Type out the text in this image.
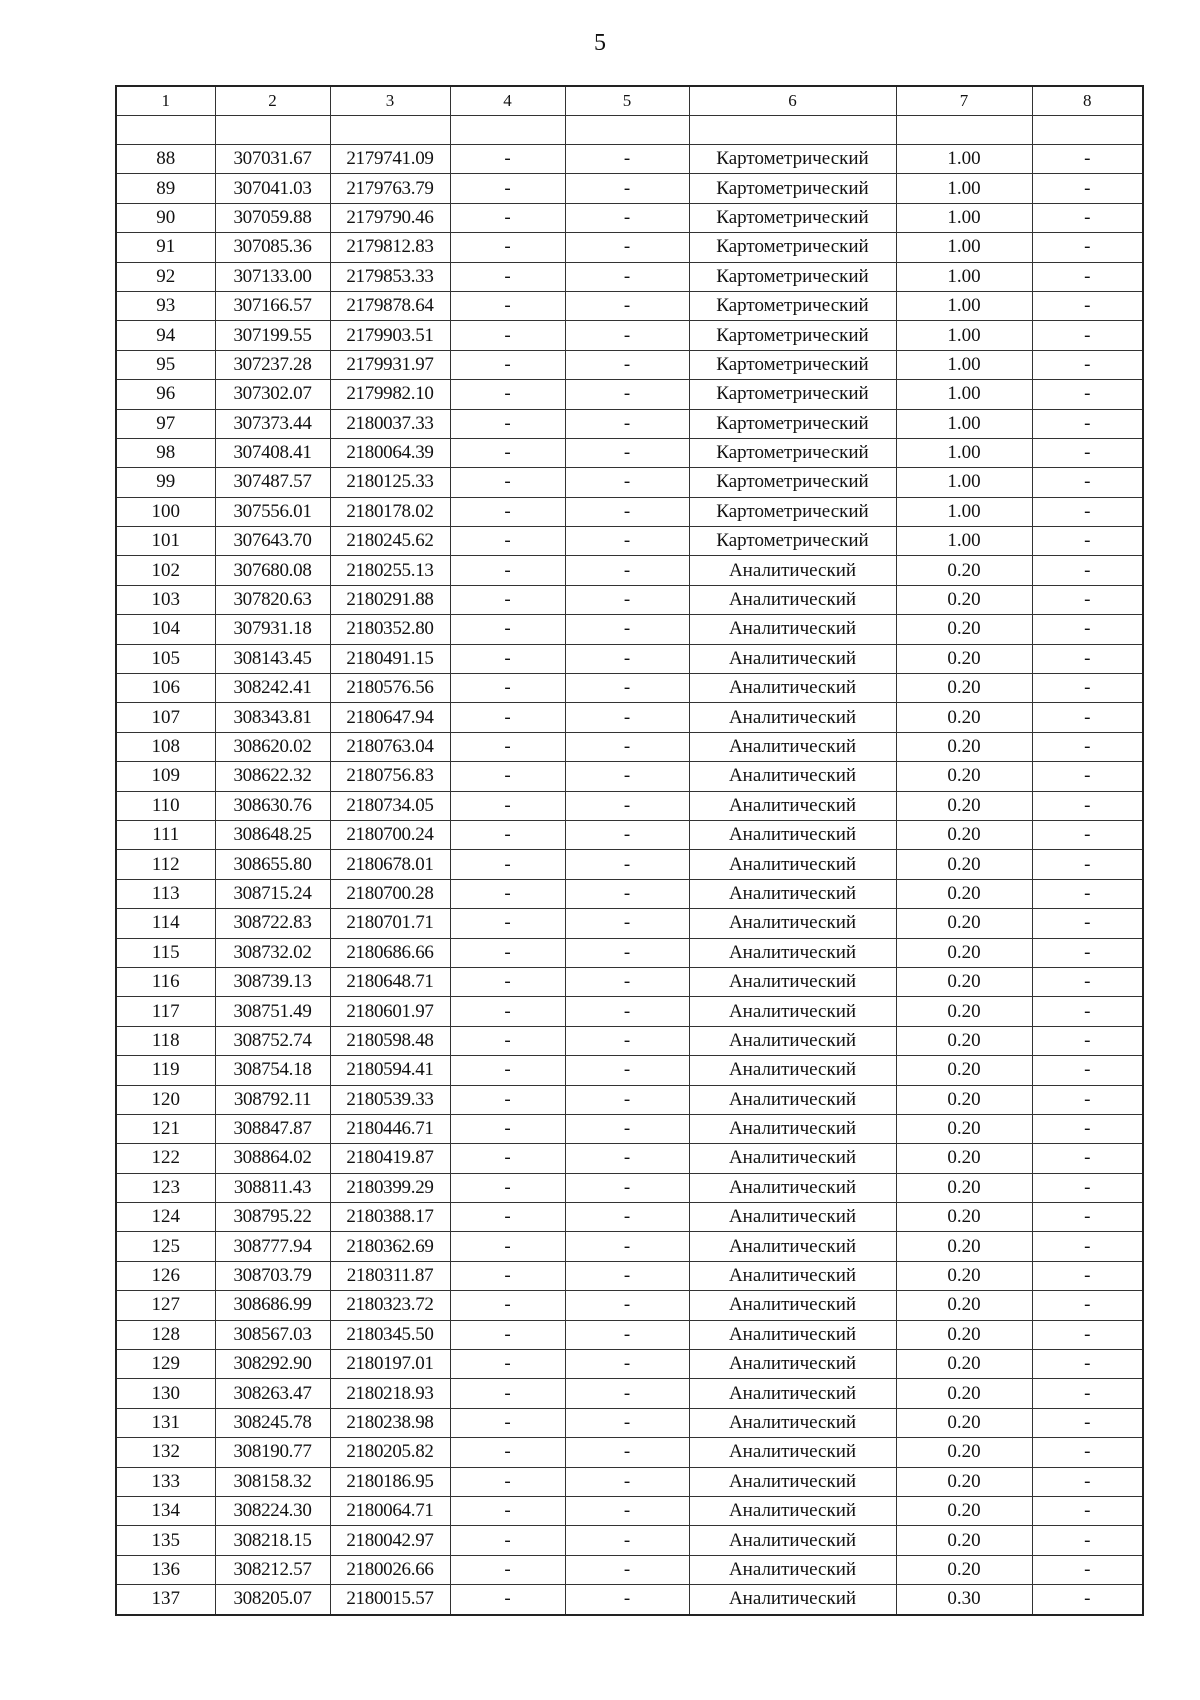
5
1	2	3	4	5	6	7	8

88	307031.67	2179741.09	-	-	Картометрический	1.00	-
89	307041.03	2179763.79	-	-	Картометрический	1.00	-
90	307059.88	2179790.46	-	-	Картометрический	1.00	-
91	307085.36	2179812.83	-	-	Картометрический	1.00	-
92	307133.00	2179853.33	-	-	Картометрический	1.00	-
93	307166.57	2179878.64	-	-	Картометрический	1.00	-
94	307199.55	2179903.51	-	-	Картометрический	1.00	-
95	307237.28	2179931.97	-	-	Картометрический	1.00	-
96	307302.07	2179982.10	-	-	Картометрический	1.00	-
97	307373.44	2180037.33	-	-	Картометрический	1.00	-
98	307408.41	2180064.39	-	-	Картометрический	1.00	-
99	307487.57	2180125.33	-	-	Картометрический	1.00	-
100	307556.01	2180178.02	-	-	Картометрический	1.00	-
101	307643.70	2180245.62	-	-	Картометрический	1.00	-
102	307680.08	2180255.13	-	-	Аналитический	0.20	-
103	307820.63	2180291.88	-	-	Аналитический	0.20	-
104	307931.18	2180352.80	-	-	Аналитический	0.20	-
105	308143.45	2180491.15	-	-	Аналитический	0.20	-
106	308242.41	2180576.56	-	-	Аналитический	0.20	-
107	308343.81	2180647.94	-	-	Аналитический	0.20	-
108	308620.02	2180763.04	-	-	Аналитический	0.20	-
109	308622.32	2180756.83	-	-	Аналитический	0.20	-
110	308630.76	2180734.05	-	-	Аналитический	0.20	-
111	308648.25	2180700.24	-	-	Аналитический	0.20	-
112	308655.80	2180678.01	-	-	Аналитический	0.20	-
113	308715.24	2180700.28	-	-	Аналитический	0.20	-
114	308722.83	2180701.71	-	-	Аналитический	0.20	-
115	308732.02	2180686.66	-	-	Аналитический	0.20	-
116	308739.13	2180648.71	-	-	Аналитический	0.20	-
117	308751.49	2180601.97	-	-	Аналитический	0.20	-
118	308752.74	2180598.48	-	-	Аналитический	0.20	-
119	308754.18	2180594.41	-	-	Аналитический	0.20	-
120	308792.11	2180539.33	-	-	Аналитический	0.20	-
121	308847.87	2180446.71	-	-	Аналитический	0.20	-
122	308864.02	2180419.87	-	-	Аналитический	0.20	-
123	308811.43	2180399.29	-	-	Аналитический	0.20	-
124	308795.22	2180388.17	-	-	Аналитический	0.20	-
125	308777.94	2180362.69	-	-	Аналитический	0.20	-
126	308703.79	2180311.87	-	-	Аналитический	0.20	-
127	308686.99	2180323.72	-	-	Аналитический	0.20	-
128	308567.03	2180345.50	-	-	Аналитический	0.20	-
129	308292.90	2180197.01	-	-	Аналитический	0.20	-
130	308263.47	2180218.93	-	-	Аналитический	0.20	-
131	308245.78	2180238.98	-	-	Аналитический	0.20	-
132	308190.77	2180205.82	-	-	Аналитический	0.20	-
133	308158.32	2180186.95	-	-	Аналитический	0.20	-
134	308224.30	2180064.71	-	-	Аналитический	0.20	-
135	308218.15	2180042.97	-	-	Аналитический	0.20	-
136	308212.57	2180026.66	-	-	Аналитический	0.20	-
137	308205.07	2180015.57	-	-	Аналитический	0.30	-
